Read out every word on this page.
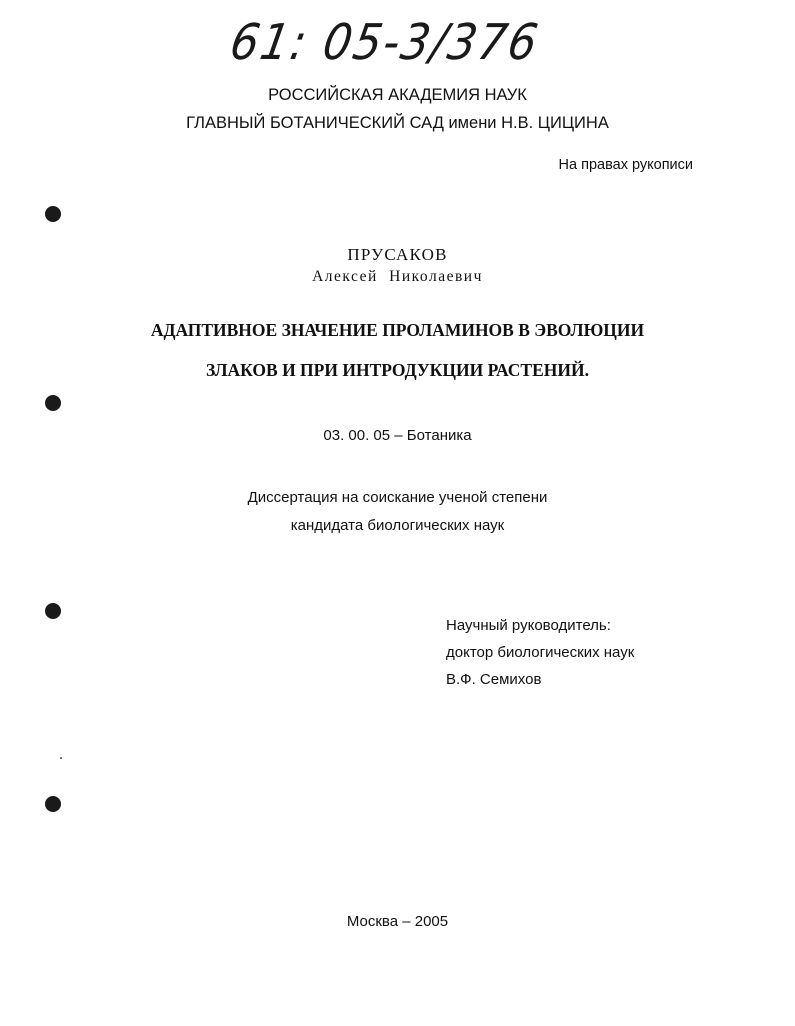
61: 05-3/376
РОССИЙСКАЯ АКАДЕМИЯ НАУК
ГЛАВНЫЙ БОТАНИЧЕСКИЙ САД имени Н.В. ЦИЦИНА
На правах рукописи
ПРУСАКОВ
Алексей Николаевич
АДАПТИВНОЕ ЗНАЧЕНИЕ ПРОЛАМИНОВ В ЭВОЛЮЦИИ
ЗЛАКОВ И ПРИ ИНТРОДУКЦИИ РАСТЕНИЙ.
03. 00. 05 – Ботаника
Диссертация на соискание ученой степени
кандидата биологических наук
Научный руководитель:
доктор биологических наук
В.Ф. Семихов
Москва – 2005
